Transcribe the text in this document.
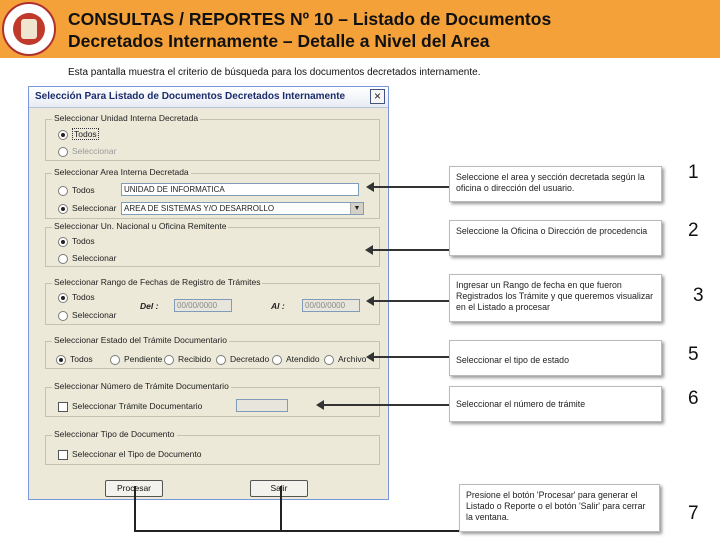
CONSULTAS / REPORTES Nº 10 – Listado de Documentos
Decretados Internamente – Detalle a Nivel del Area
Esta pantalla muestra el criterio de búsqueda para los documentos decretados internamente.
Selección Para Listado de Documentos Decretados Internamente	×
Seleccionar Unidad Interna Decretada
Todos
Seleccionar
Seleccionar Area Interna Decretada
Todos
Seleccionar
UNIDAD DE INFORMATICA
AREA DE SISTEMAS Y/O DESARROLLO	▼
Seleccionar Un. Nacional u Oficina Remitente
Todos
Seleccionar
Seleccionar Rango de Fechas de Registro de Trámites
Todos
Seleccionar
Del :	00/00/0000	Al :	00/00/0000
Seleccionar Estado del Trámite Documentario
Todos	Pendiente	Recibido	Decretado	Atendido	Archivo
Seleccionar Número de Trámite Documentario
Seleccionar Trámite Documentario
Seleccionar Tipo de Documento
Seleccionar el Tipo de Documento
Procesar	Salir
Seleccione el area y sección decretada según la oficina o dirección del usuario.
1
Seleccione la Oficina o Dirección de procedencia	2
Ingresar un Rango de fecha en que fueron Registrados los Trámite y que queremos visualizar en el Listado a procesar
3
Seleccionar el tipo de estado	5
Seleccionar el número de trámite	6
Presione el botón 'Procesar' para generar el Listado o Reporte o el botón 'Salir' para cerrar la ventana.	7
